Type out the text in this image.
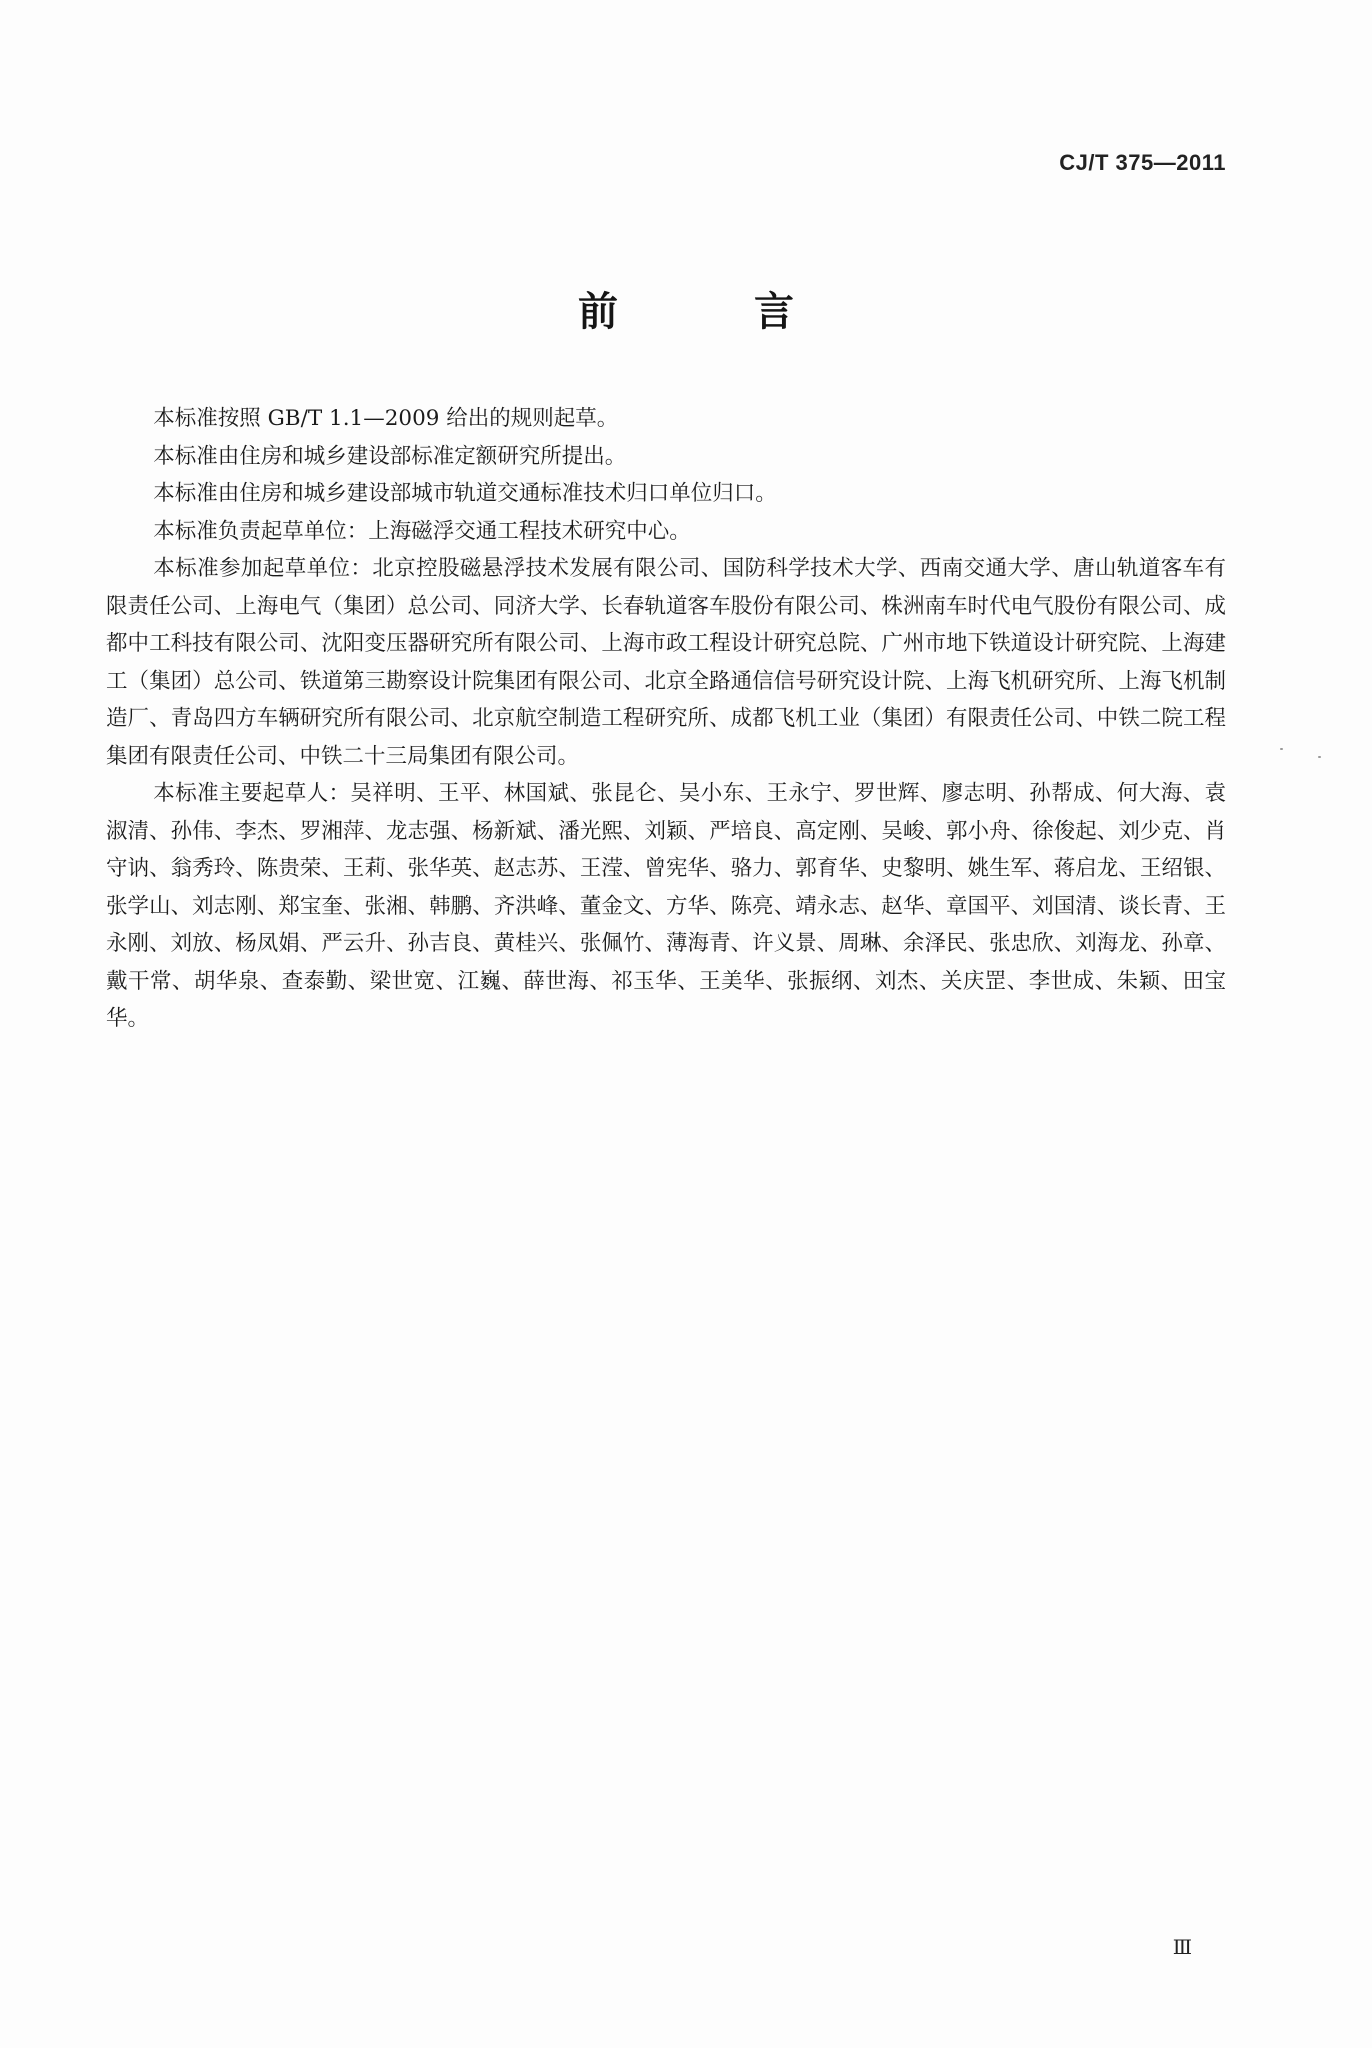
CJ/T 375—2011
前　言

本标准按照 GB/T 1.1—2009 给出的规则起草。

本标准由住房和城乡建设部标准定额研究所提出。

本标准由住房和城乡建设部城市轨道交通标准技术归口单位归口。

本标准负责起草单位：上海磁浮交通工程技术研究中心。

本标准参加起草单位：北京控股磁悬浮技术发展有限公司、国防科学技术大学、西南交通大学、唐山轨道客车有限责任公司、上海电气（集团）总公司、同济大学、长春轨道客车股份有限公司、株洲南车时代电气股份有限公司、成都中工科技有限公司、沈阳变压器研究所有限公司、上海市政工程设计研究总院、广州市地下铁道设计研究院、上海建工（集团）总公司、铁道第三勘察设计院集团有限公司、北京全路通信信号研究设计院、上海飞机研究所、上海飞机制造厂、青岛四方车辆研究所有限公司、北京航空制造工程研究所、成都飞机工业（集团）有限责任公司、中铁二院工程集团有限责任公司、中铁二十三局集团有限公司。

本标准主要起草人：吴祥明、王平、林国斌、张昆仑、吴小东、王永宁、罗世辉、廖志明、孙帮成、何大海、袁淑清、孙伟、李杰、罗湘萍、龙志强、杨新斌、潘光熙、刘颖、严培良、高定刚、吴峻、郭小舟、徐俊起、刘少克、肖守讷、翁秀玲、陈贵荣、王莉、张华英、赵志苏、王滢、曾宪华、骆力、郭育华、史黎明、姚生军、蒋启龙、王绍银、张学山、刘志刚、郑宝奎、张湘、韩鹏、齐洪峰、董金文、方华、陈亮、靖永志、赵华、章国平、刘国清、谈长青、王永刚、刘放、杨凤娟、严云升、孙吉良、黄桂兴、张佩竹、薄海青、许义景、周琳、余泽民、张忠欣、刘海龙、孙章、戴干常、胡华泉、查泰勤、梁世宽、江巍、薛世海、祁玉华、王美华、张振纲、刘杰、关庆罡、李世成、朱颖、田宝华。

Ⅲ
